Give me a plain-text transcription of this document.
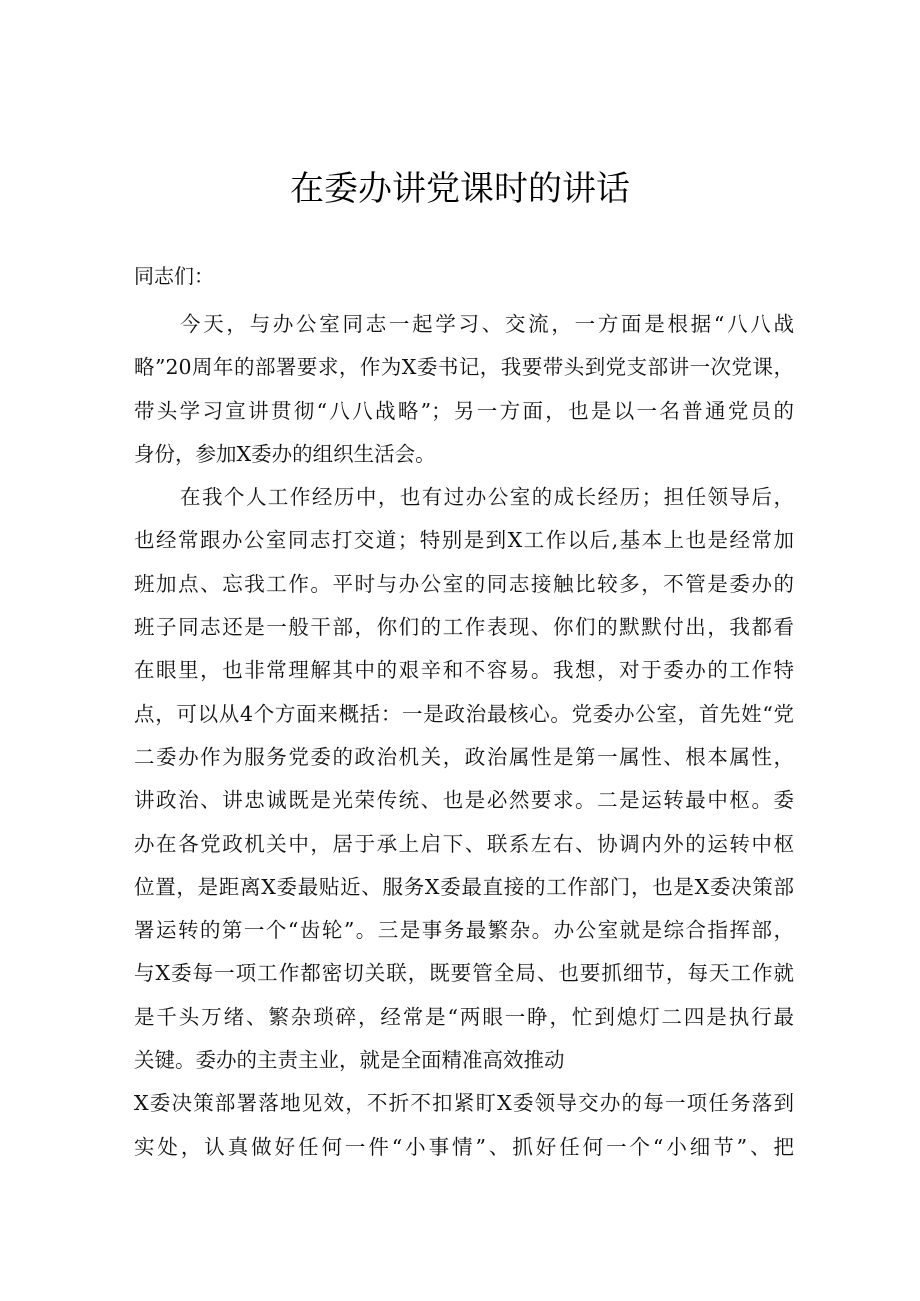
在委办讲党课时的讲话
同志们：
今天，与办公室同志一起学习、交流，一方面是根据“八八战
略”20周年的部署要求，作为X委书记，我要带头到党支部讲一次党课，
带头学习宣讲贯彻“八八战略”；另一方面，也是以一名普通党员的
身份，参加X委办的组织生活会。
在我个人工作经历中，也有过办公室的成长经历；担任领导后，
也经常跟办公室同志打交道；特别是到X工作以后,基本上也是经常加
班加点、忘我工作。平时与办公室的同志接触比较多，不管是委办的
班子同志还是一般干部，你们的工作表现、你们的默默付出，我都看
在眼里，也非常理解其中的艰辛和不容易。我想，对于委办的工作特
点，可以从4个方面来概括：一是政治最核心。党委办公室，首先姓“党
二委办作为服务党委的政治机关，政治属性是第一属性、根本属性，
讲政治、讲忠诚既是光荣传统、也是必然要求。二是运转最中枢。委
办在各党政机关中，居于承上启下、联系左右、协调内外的运转中枢
位置，是距离X委最贴近、服务X委最直接的工作部门，也是X委决策部
署运转的第一个“齿轮”。三是事务最繁杂。办公室就是综合指挥部，
与X委每一项工作都密切关联，既要管全局、也要抓细节，每天工作就
是千头万绪、繁杂琐碎，经常是“两眼一睁，忙到熄灯二四是执行最
关键。委办的主责主业，就是全面精准高效推动
X委决策部署落地见效，不折不扣紧盯X委领导交办的每一项任务落到
实处，认真做好任何一件“小事情”、抓好任何一个“小细节”、把
